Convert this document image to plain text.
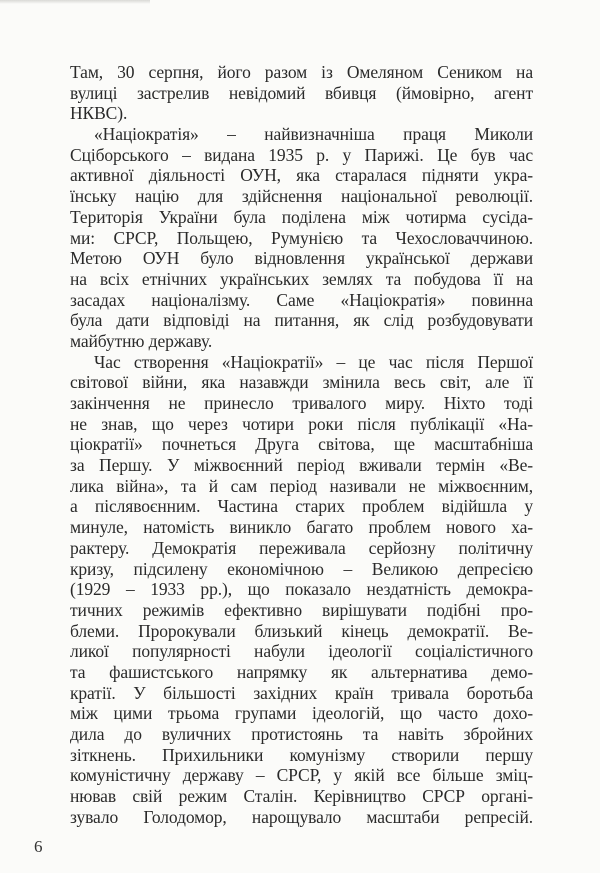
Там, 30 серпня, його разом із Омеляном Сеником на
вулиці застрелив невідомий вбивця (ймовірно, агент
НКВС).
«Націократія» – найвизначніша праця Миколи
Сціборського – видана 1935 р. у Парижі. Це був час
активної діяльності ОУН, яка старалася підняти укра-
їнську націю для здійснення національної революції.
Територія України була поділена між чотирма сусіда-
ми: СРСР, Польщею, Румунією та Чехословаччиною.
Метою ОУН було відновлення української держави
на всіх етнічних українських землях та побудова її на
засадах націоналізму. Саме «Націократія» повинна
була дати відповіді на питання, як слід розбудовувати
майбутню державу.
Час створення «Націократії» – це час після Першої
світової війни, яка назавжди змінила весь світ, але її
закінчення не принесло тривалого миру. Ніхто тоді
не знав, що через чотири роки після публікації «На-
ціократії» почнеться Друга світова, ще масштабніша
за Першу. У міжвоєнний період вживали термін «Ве-
лика війна», та й сам період називали не міжвоєнним,
а післявоєнним. Частина старих проблем відійшла у
минуле, натомість виникло багато проблем нового ха-
рактеру. Демократія переживала серйозну політичну
кризу, підсилену економічною – Великою депресією
(1929 – 1933 рр.), що показало нездатність демокра-
тичних режимів ефективно вирішувати подібні про-
блеми. Пророкували близький кінець демократії. Ве-
ликої популярності набули ідеології соціалістичного
та фашистського напрямку як альтернатива демо-
кратії. У більшості західних країн тривала боротьба
між цими трьома групами ідеологій, що часто дохо-
дила до вуличних протистоянь та навіть збройних
зіткнень. Прихильники комунізму створили першу
комуністичну державу – СРСР, у якій все більше зміц-
нював свій режим Сталін. Керівництво СРСР органі-
зувало Голодомор, нарощувало масштаби репресій.
6
